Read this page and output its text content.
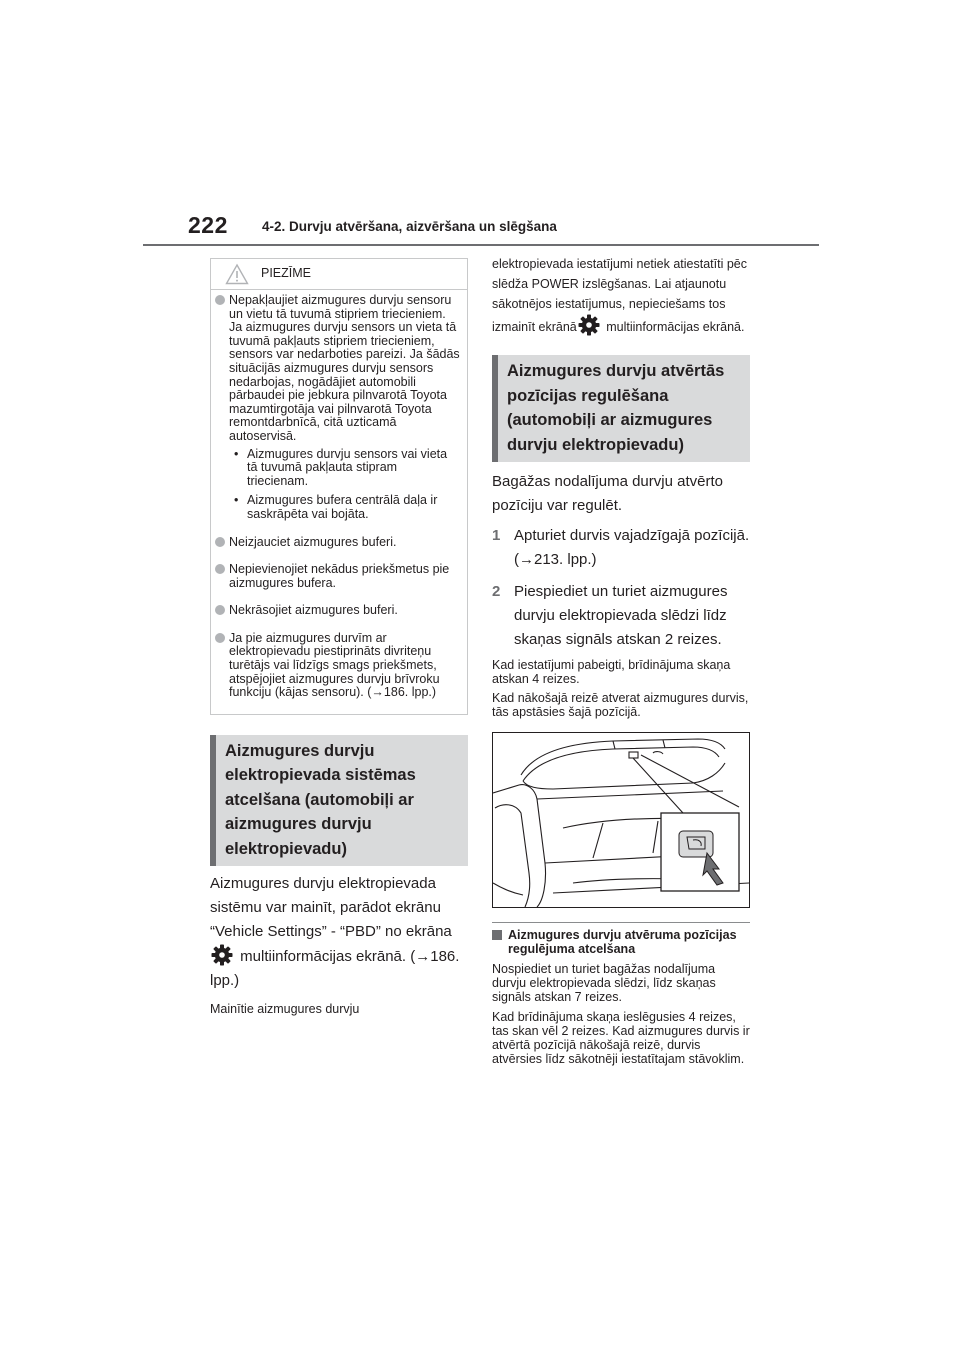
222	4-2. Durvju atvēršana, aizvēršana un slēgšana
PIEZĪME
Nepakļaujiet aizmugures durvju sensoru un vietu tā tuvumā stipriem triecieniem.
Ja aizmugures durvju sensors un vieta tā tuvumā pakļauts stipriem triecieniem, sensors var nedarboties pareizi. Ja šādās situācijās aizmugures durvju sensors nedarbojas, nogādājiet automobili pārbaudei pie jebkura pilnvarotā Toyota mazumtirgotāja vai pilnvarotā Toyota remontdarbnīcā, citā uzticamā autoservisā.
• Aizmugures durvju sensors vai vieta tā tuvumā pakļauta stipram triecienam.
• Aizmugures bufera centrālā daļa ir saskrāpēta vai bojāta.
Neizjauciet aizmugures buferi.
Nepievienojiet nekādus priekšmetus pie aizmugures bufera.
Nekrāsojiet aizmugures buferi.
Ja pie aizmugures durvīm ar elektropievadu piestiprināts divriteņu turētājs vai līdzīgs smags priekšmets, atspējojiet aizmugures durvju brīvroku funkciju (kājas sensoru). (→186. lpp.)
Aizmugures durvju elektropievada sistēmas atcelšana (automobiļi ar aizmugures durvju elektropievadu)

Aizmugures durvju elektropievada sistēmu var mainīt, parādot ekrānu “Vehicle Settings” - “PBD” no ekrāna multiinformācijas ekrānā. (→186. lpp.)

Mainītie aizmugures durvju

elektropievada iestatījumi netiek atiestatīti pēc slēdža POWER izslēgšanas. Lai atjaunotu sākotnējos iestatījumus, nepieciešams tos izmainīt ekrānā multiinformācijas ekrānā.

Aizmugures durvju atvērtās pozīcijas regulēšana (automobiļi ar aizmugures durvju elektropievadu)

Bagāžas nodalījuma durvju atvērto pozīciju var regulēt.

1 Apturiet durvis vajadzīgajā pozīcijā. (→213. lpp.)
2 Piespiediet un turiet aizmugures durvju elektropievada slēdzi līdz skaņas signāls atskan 2 reizes.

Kad iestatījumi pabeigti, brīdinājuma skaņa atskan 4 reizes.

Kad nākošajā reizē atverat aizmugures durvis, tās apstāsies šajā pozīcijā.

Aizmugures durvju atvēruma pozīcijas regulējuma atcelšana

Nospiediet un turiet bagāžas nodalījuma durvju elektropievada slēdzi, līdz skaņas signāls atskan 7 reizes.

Kad brīdinājuma skaņa ieslēgusies 4 reizes, tas skan vēl 2 reizes. Kad aizmugures durvis ir atvērtā pozīcijā nākošajā reizē, durvis atvērsies līdz sākotnēji iestatītajam stāvoklim.
